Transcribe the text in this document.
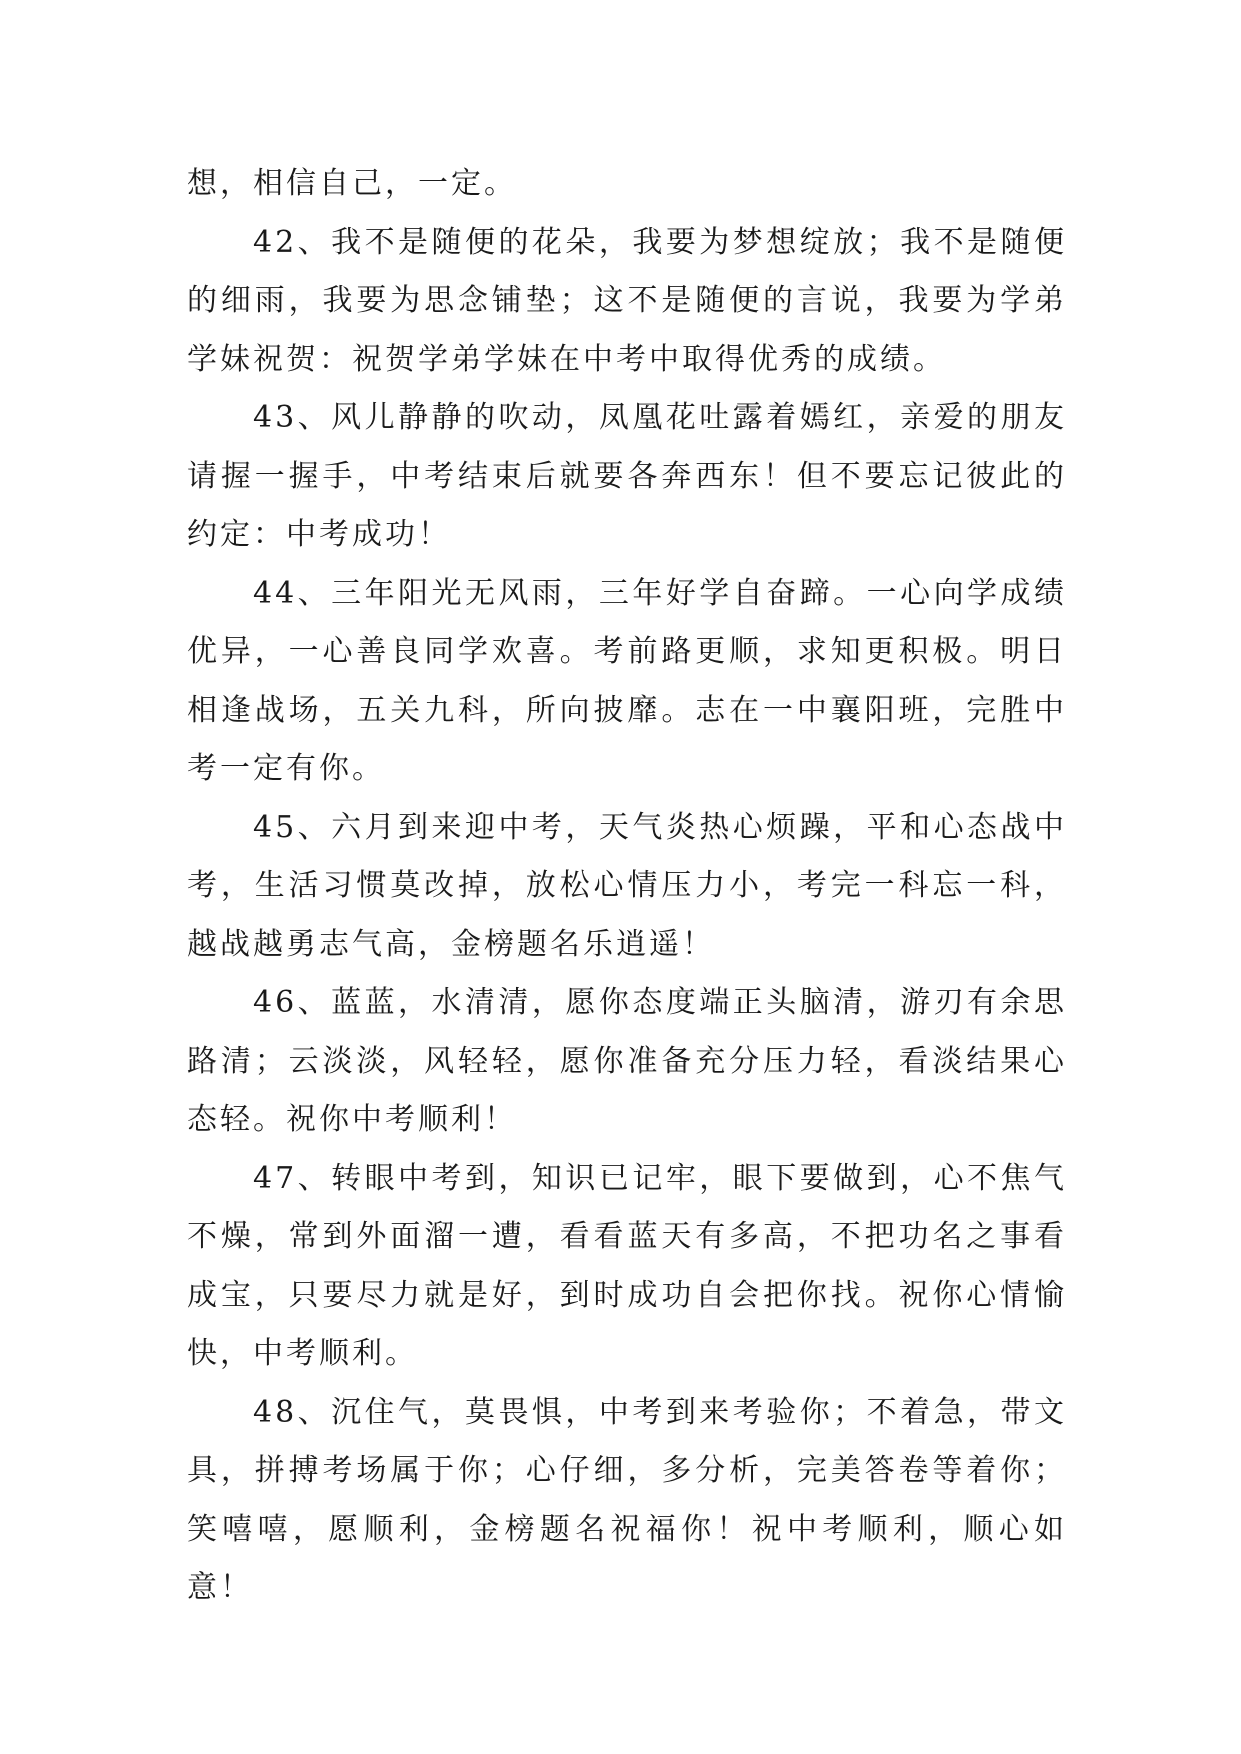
想，相信自己，一定。

42、我不是随便的花朵，我要为梦想绽放；我不是随便的细雨，我要为思念铺垫；这不是随便的言说，我要为学弟学妹祝贺：祝贺学弟学妹在中考中取得优秀的成绩。

43、风儿静静的吹动，凤凰花吐露着嫣红，亲爱的朋友请握一握手，中考结束后就要各奔西东！但不要忘记彼此的约定：中考成功！

44、三年阳光无风雨，三年好学自奋蹄。一心向学成绩优异，一心善良同学欢喜。考前路更顺，求知更积极。明日相逢战场，五关九科，所向披靡。志在一中襄阳班，完胜中考一定有你。

45、六月到来迎中考，天气炎热心烦躁，平和心态战中考，生活习惯莫改掉，放松心情压力小，考完一科忘一科，越战越勇志气高，金榜题名乐逍遥！

46、蓝蓝，水清清，愿你态度端正头脑清，游刃有余思路清；云淡淡，风轻轻，愿你准备充分压力轻，看淡结果心态轻。祝你中考顺利！

47、转眼中考到，知识已记牢，眼下要做到，心不焦气不燥，常到外面溜一遭，看看蓝天有多高，不把功名之事看成宝，只要尽力就是好，到时成功自会把你找。祝你心情愉快，中考顺利。

48、沉住气，莫畏惧，中考到来考验你；不着急，带文具，拼搏考场属于你；心仔细，多分析，完美答卷等着你；笑嘻嘻，愿顺利，金榜题名祝福你！祝中考顺利，顺心如意！
